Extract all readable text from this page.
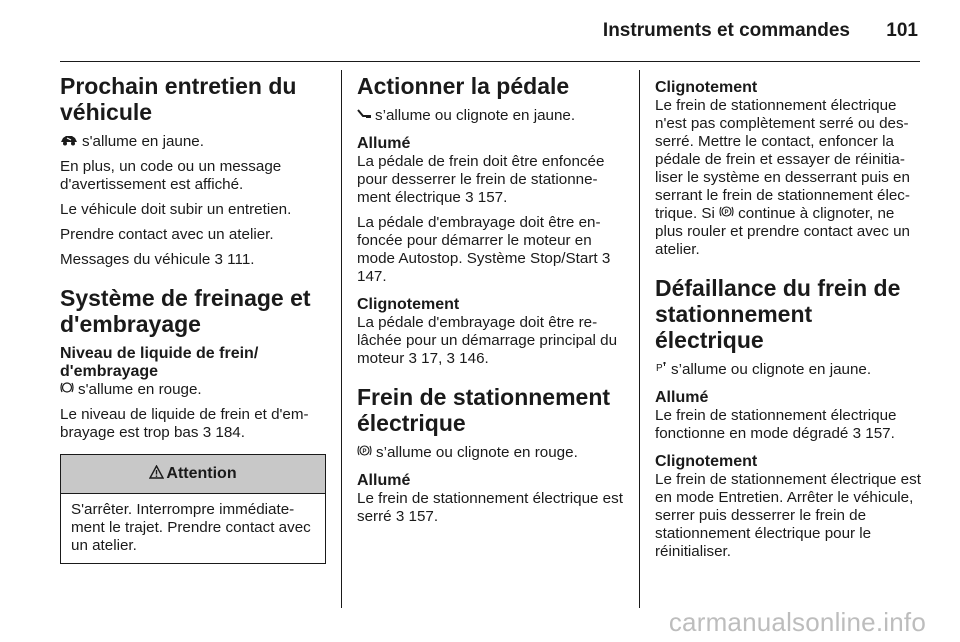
Instruments et commandes 101
Prochain entretien du véhicule

s'allume en jaune.

En plus, un code ou un message d'avertissement est affiché.

Le véhicule doit subir un entretien.

Prendre contact avec un atelier.

Messages du véhicule 3 111.

Système de freinage et d'embrayage
Niveau de liquide de frein/ d'embrayage

s'allume en rouge.

Le niveau de liquide de frein et d'em- brayage est trop bas 3 184.

Attention
S'arrêter. Interrompre immédiate- ment le trajet. Prendre contact avec un atelier.
Actionner la pédale

s’allume ou clignote en jaune.

Allumé

La pédale de frein doit être enfoncée pour desserrer le frein de stationne- ment électrique 3 157.

La pédale d'embrayage doit être en- foncée pour démarrer le moteur en mode Autostop. Système Stop/Start 3 147.

Clignotement

La pédale d'embrayage doit être re- lâchée pour un démarrage principal du moteur 3 17, 3 146.

Frein de stationnement électrique

P s’allume ou clignote en rouge.

Allumé

Le frein de stationnement électrique est serré 3 157.

Clignotement

Le frein de stationnement électrique n'est pas complètement serré ou des- serré. Mettre le contact, enfoncer la pédale de frein et essayer de réinitia- liser le système en desserrant puis en serrant le frein de stationnement élec- trique. Si P continue à clignoter, ne plus rouler et prendre contact avec un atelier.

Défaillance du frein de stationnement électrique

P s’allume ou clignote en jaune.

Allumé

Le frein de stationnement électrique fonctionne en mode dégradé 3 157.

Clignotement

Le frein de stationnement électrique est en mode Entretien. Arrêter le véhicule, serrer puis desserrer le frein de stationnement électrique pour le réinitialiser.

carmanualsonline.info
